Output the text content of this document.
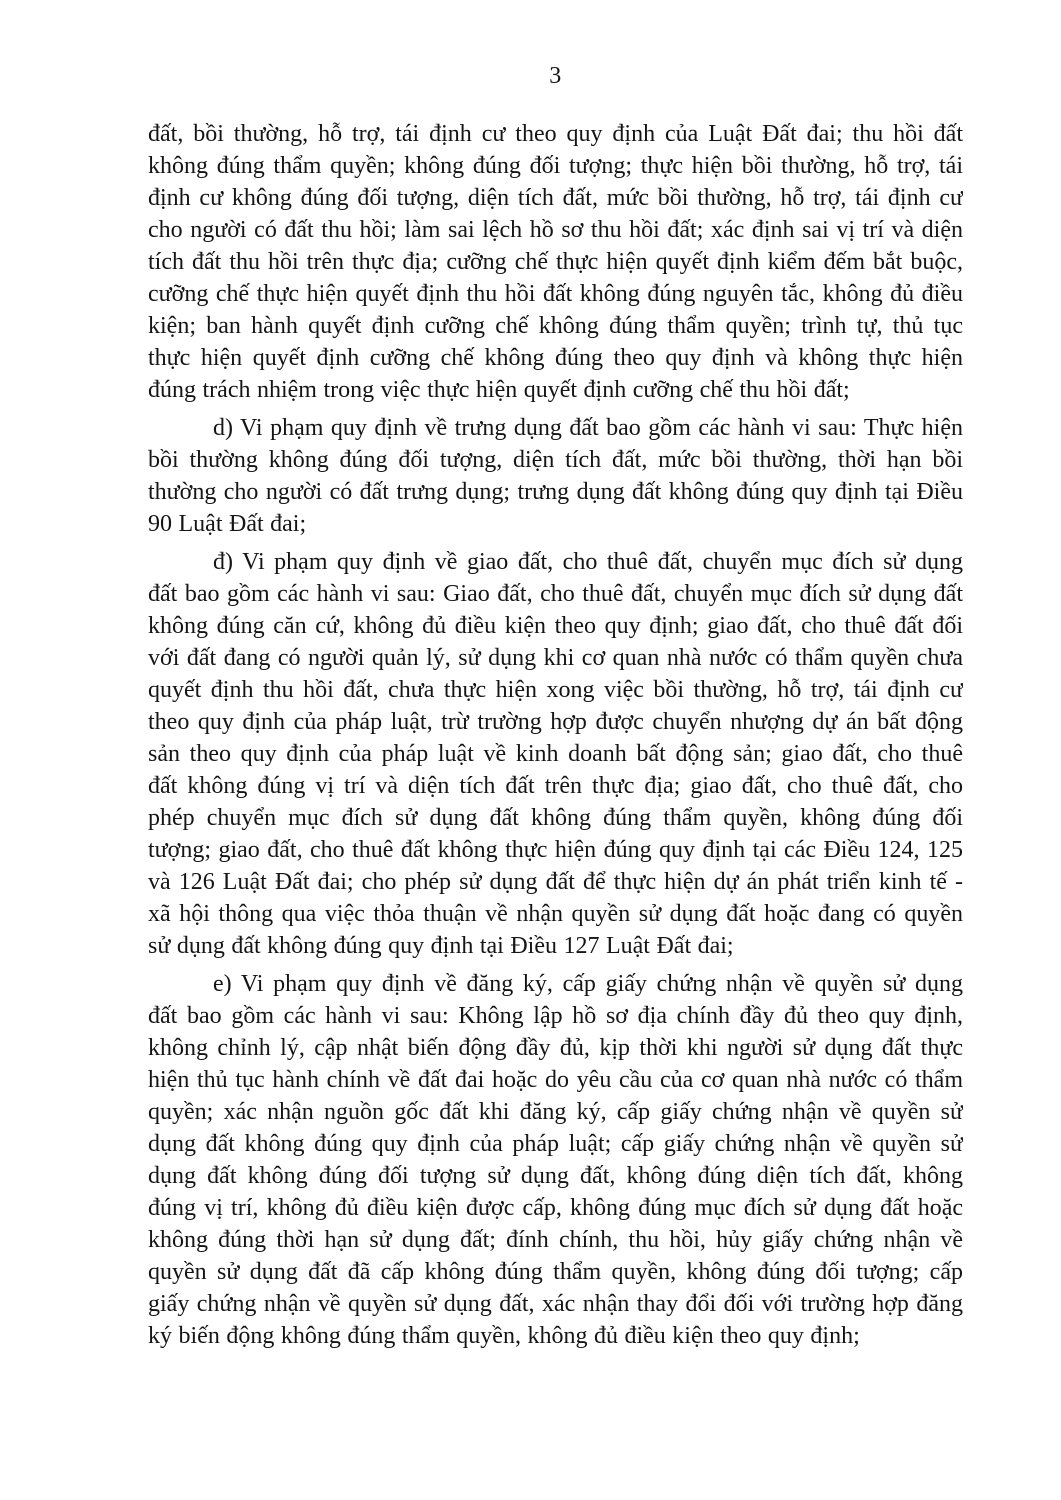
3
đất, bồi thường, hỗ trợ, tái định cư theo quy định của Luật Đất đai; thu hồi đất
không đúng thẩm quyền; không đúng đối tượng; thực hiện bồi thường, hỗ trợ, tái
định cư không đúng đối tượng, diện tích đất, mức bồi thường, hỗ trợ, tái định cư
cho người có đất thu hồi; làm sai lệch hồ sơ thu hồi đất; xác định sai vị trí và diện
tích đất thu hồi trên thực địa; cưỡng chế thực hiện quyết định kiểm đếm bắt buộc,
cưỡng chế thực hiện quyết định thu hồi đất không đúng nguyên tắc, không đủ điều
kiện; ban hành quyết định cưỡng chế không đúng thẩm quyền; trình tự, thủ tục
thực hiện quyết định cưỡng chế không đúng theo quy định và không thực hiện
đúng trách nhiệm trong việc thực hiện quyết định cưỡng chế thu hồi đất;
d) Vi phạm quy định về trưng dụng đất bao gồm các hành vi sau: Thực hiện
bồi thường không đúng đối tượng, diện tích đất, mức bồi thường, thời hạn bồi
thường cho người có đất trưng dụng; trưng dụng đất không đúng quy định tại Điều
90 Luật Đất đai;
đ) Vi phạm quy định về giao đất, cho thuê đất, chuyển mục đích sử dụng
đất bao gồm các hành vi sau: Giao đất, cho thuê đất, chuyển mục đích sử dụng đất
không đúng căn cứ, không đủ điều kiện theo quy định; giao đất, cho thuê đất đối
với đất đang có người quản lý, sử dụng khi cơ quan nhà nước có thẩm quyền chưa
quyết định thu hồi đất, chưa thực hiện xong việc bồi thường, hỗ trợ, tái định cư
theo quy định của pháp luật, trừ trường hợp được chuyển nhượng dự án bất động
sản theo quy định của pháp luật về kinh doanh bất động sản; giao đất, cho thuê
đất không đúng vị trí và diện tích đất trên thực địa; giao đất, cho thuê đất, cho
phép chuyển mục đích sử dụng đất không đúng thẩm quyền, không đúng đối
tượng; giao đất, cho thuê đất không thực hiện đúng quy định tại các Điều 124, 125
và 126 Luật Đất đai; cho phép sử dụng đất để thực hiện dự án phát triển kinh tế -
xã hội thông qua việc thỏa thuận về nhận quyền sử dụng đất hoặc đang có quyền
sử dụng đất không đúng quy định tại Điều 127 Luật Đất đai;
e) Vi phạm quy định về đăng ký, cấp giấy chứng nhận về quyền sử dụng
đất bao gồm các hành vi sau: Không lập hồ sơ địa chính đầy đủ theo quy định,
không chỉnh lý, cập nhật biến động đầy đủ, kịp thời khi người sử dụng đất thực
hiện thủ tục hành chính về đất đai hoặc do yêu cầu của cơ quan nhà nước có thẩm
quyền; xác nhận nguồn gốc đất khi đăng ký, cấp giấy chứng nhận về quyền sử
dụng đất không đúng quy định của pháp luật; cấp giấy chứng nhận về quyền sử
dụng đất không đúng đối tượng sử dụng đất, không đúng diện tích đất, không
đúng vị trí, không đủ điều kiện được cấp, không đúng mục đích sử dụng đất hoặc
không đúng thời hạn sử dụng đất; đính chính, thu hồi, hủy giấy chứng nhận về
quyền sử dụng đất đã cấp không đúng thẩm quyền, không đúng đối tượng; cấp
giấy chứng nhận về quyền sử dụng đất, xác nhận thay đổi đối với trường hợp đăng
ký biến động không đúng thẩm quyền, không đủ điều kiện theo quy định;
